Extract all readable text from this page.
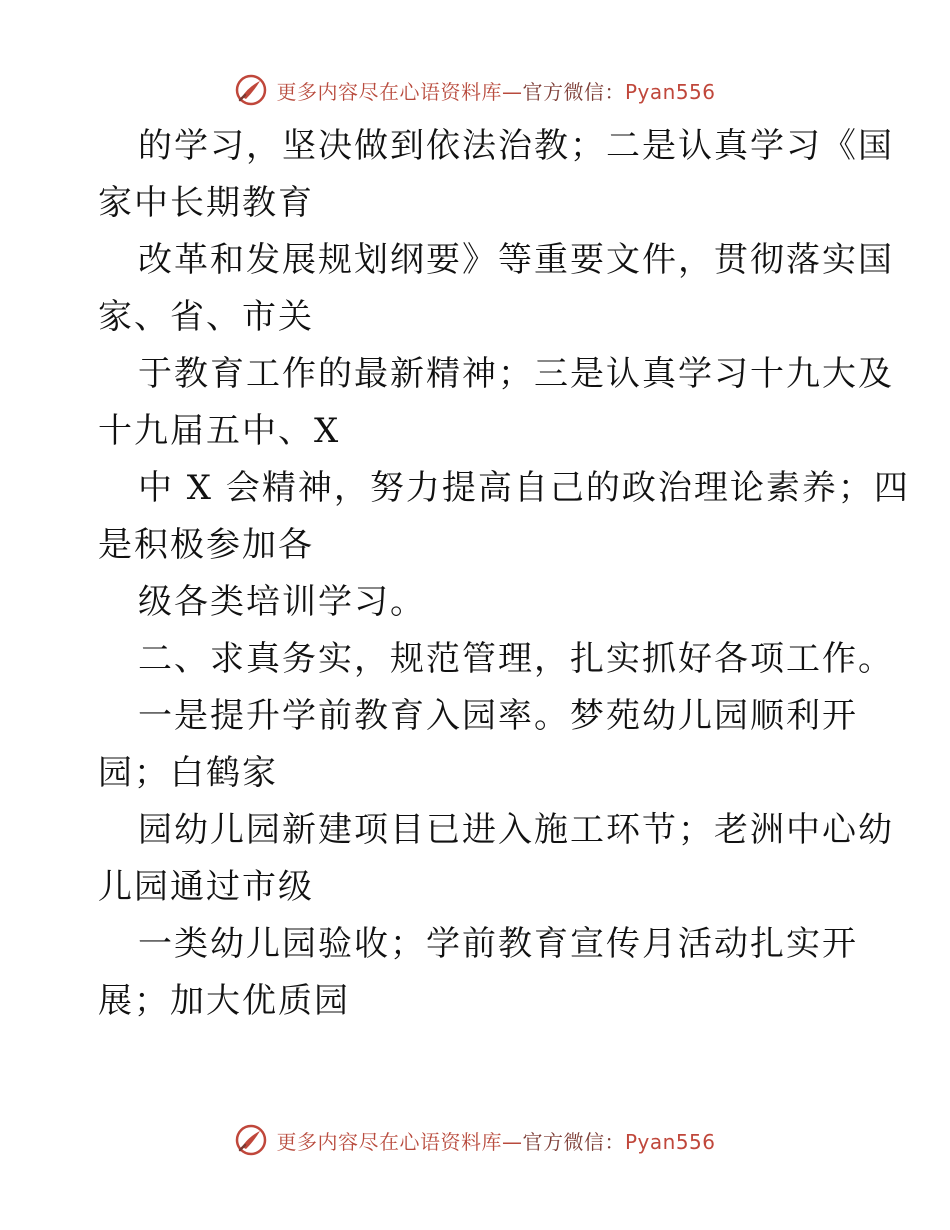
更多内容尽在心语资料库—官方微信：Pyan556
的学习，坚决做到依法治教；二是认真学习《国
家中长期教育
改革和发展规划纲要》等重要文件，贯彻落实国
家、省、市关
于教育工作的最新精神；三是认真学习十九大及
十九届五中、X
中 X 会精神，努力提高自己的政治理论素养；四
是积极参加各
级各类培训学习。
二、求真务实，规范管理，扎实抓好各项工作。
一是提升学前教育入园率。梦苑幼儿园顺利开
园；白鹤家
园幼儿园新建项目已进入施工环节；老洲中心幼
儿园通过市级
一类幼儿园验收；学前教育宣传月活动扎实开
展；加大优质园
更多内容尽在心语资料库—官方微信：Pyan556
